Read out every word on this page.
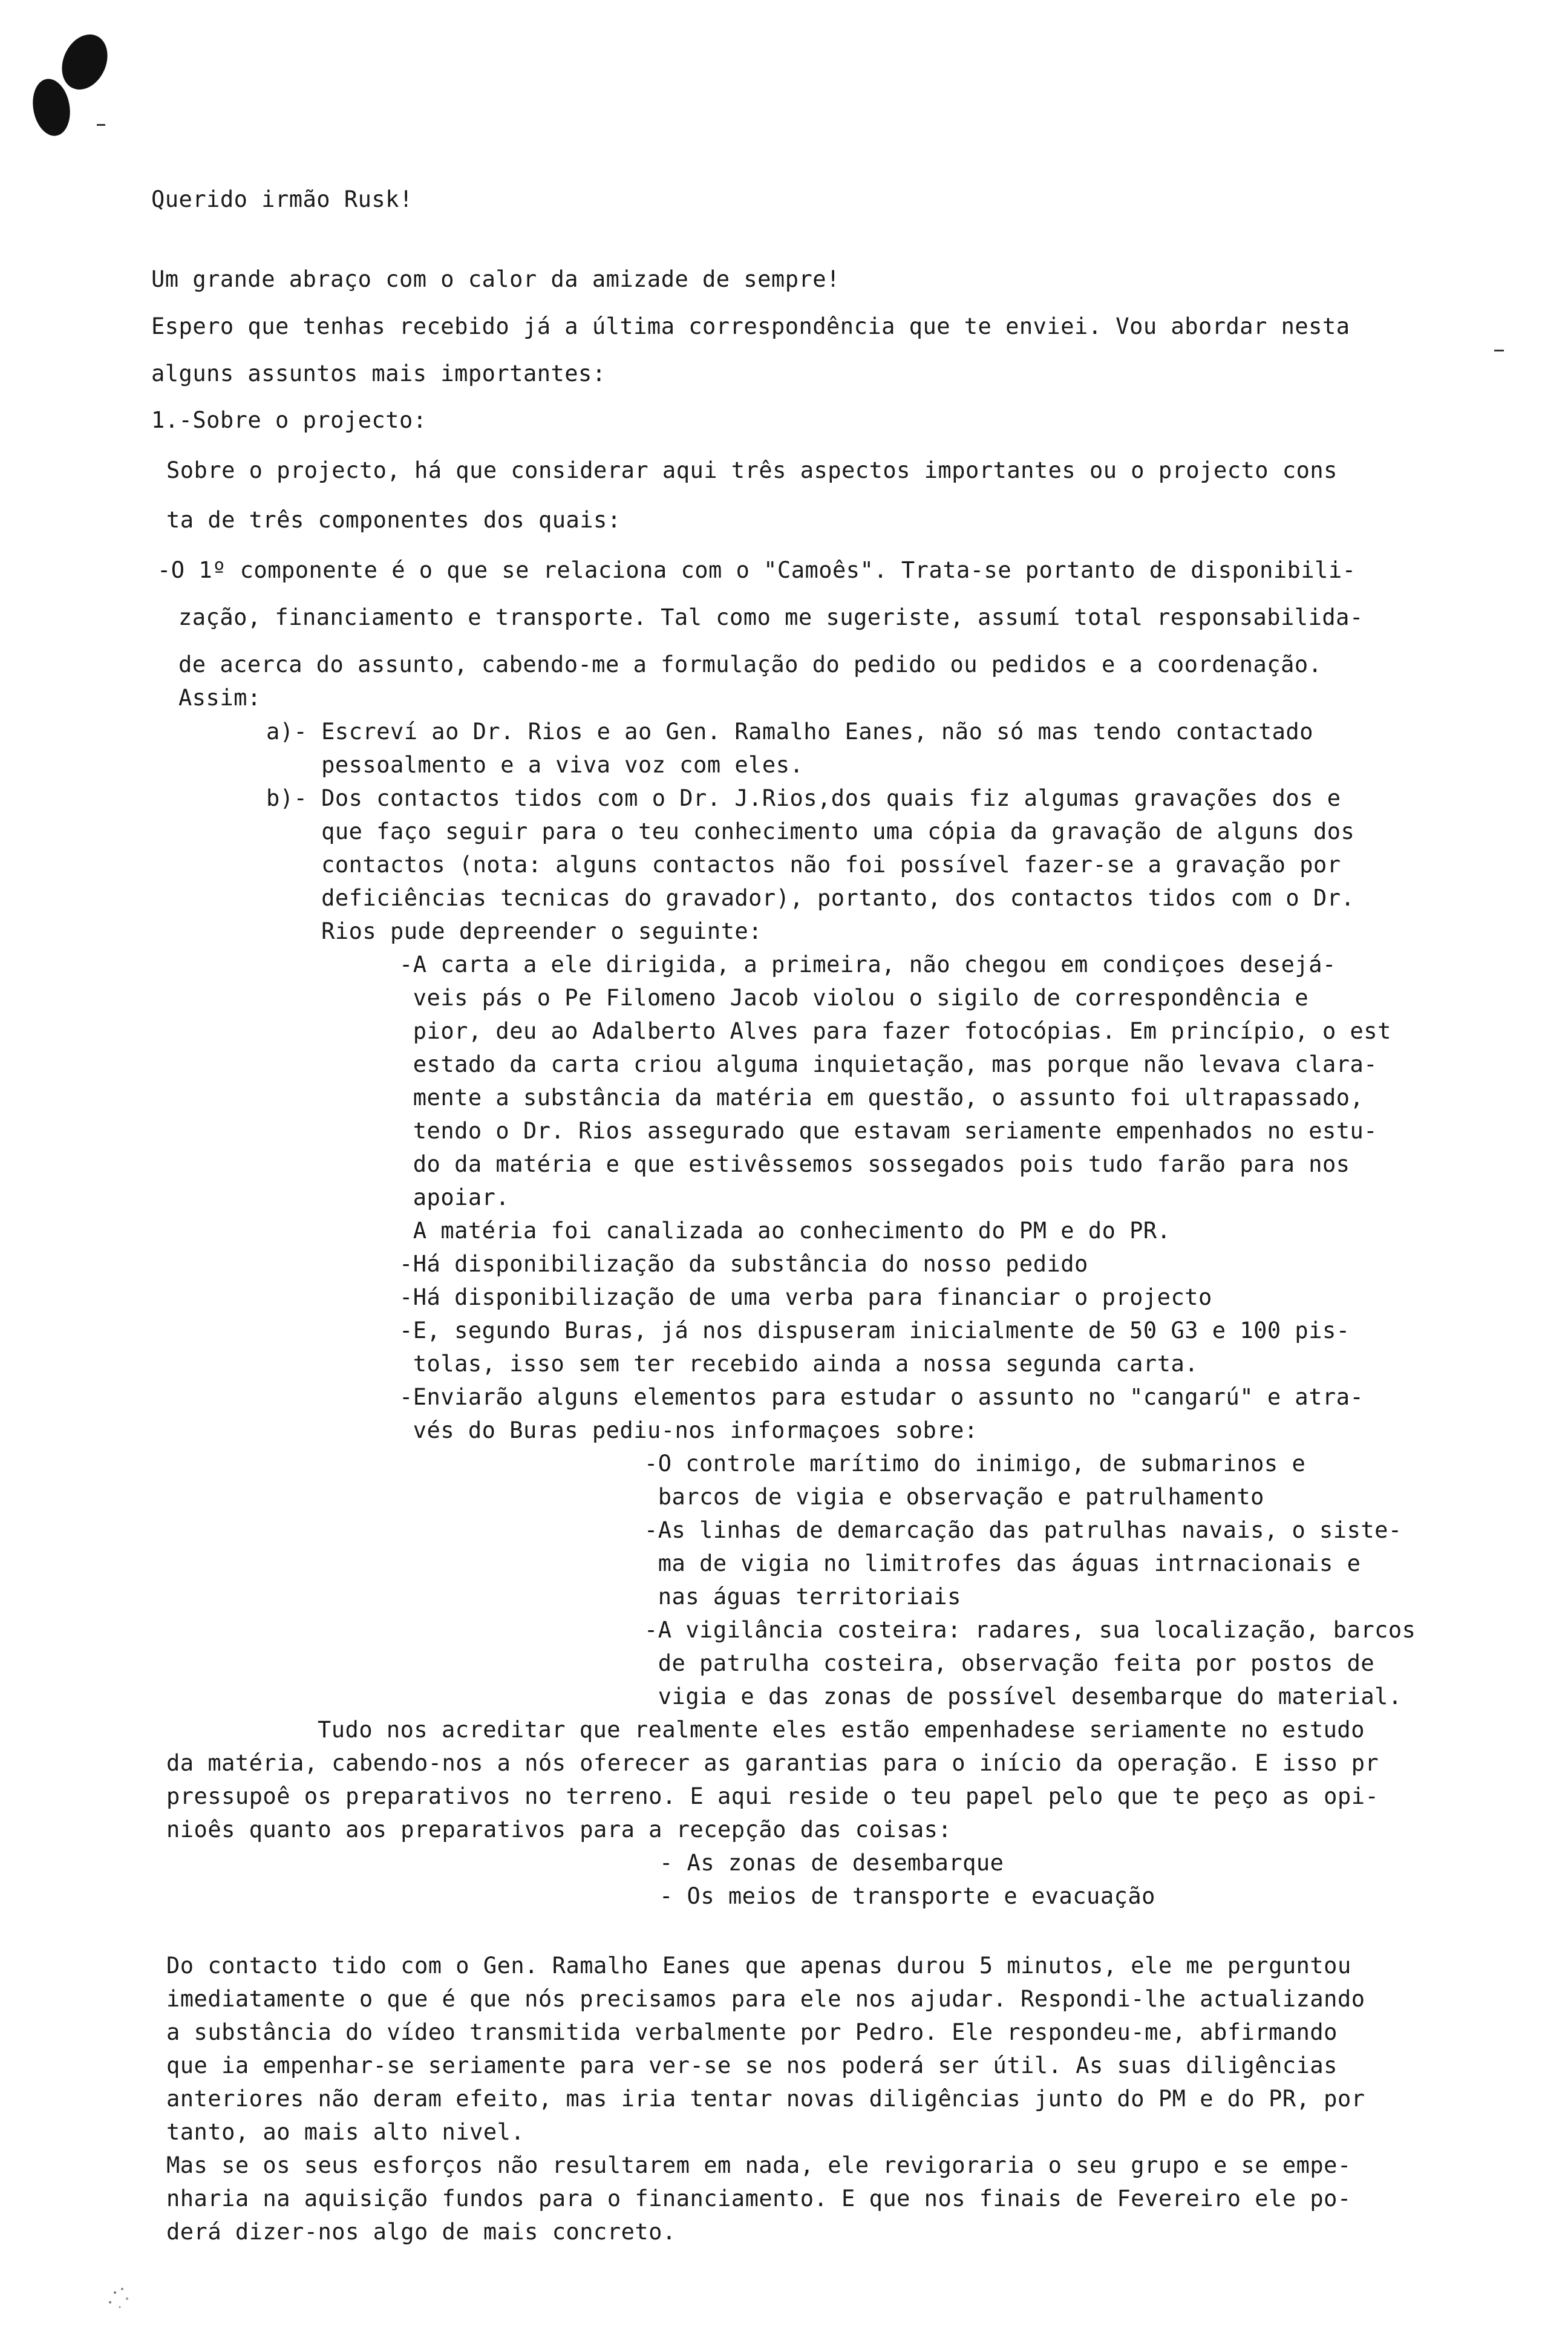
Querido irmão Rusk!
Um grande abraço com o calor da amizade de sempre!
Espero que tenhas recebido já a última correspondência que te enviei. Vou abordar nesta
alguns assuntos mais importantes:
1.-Sobre o projecto:
Sobre o projecto, há que considerar aqui três aspectos importantes ou o projecto cons
ta de três componentes dos quais:
-O 1º componente é o que se relaciona com o "Camoês". Trata-se portanto de disponibili-
zação, financiamento e transporte. Tal como me sugeriste, assumí total responsabilida-
de acerca do assunto, cabendo-me a formulação do pedido ou pedidos e a coordenação.
Assim:
a)- Escreví ao Dr. Rios e ao Gen. Ramalho Eanes, não só mas tendo contactado
pessoalmento e a viva voz com eles.
b)- Dos contactos tidos com o Dr. J.Rios,dos quais fiz algumas gravações dos e
que faço seguir para o teu conhecimento uma cópia da gravação de alguns dos
contactos (nota: alguns contactos não foi possível fazer-se a gravação por
deficiências tecnicas do gravador), portanto, dos contactos tidos com o Dr.
Rios pude depreender o seguinte:
-A carta a ele dirigida, a primeira, não chegou em condiçoes desejá-
veis pás o Pe Filomeno Jacob violou o sigilo de correspondência e
pior, deu ao Adalberto Alves para fazer fotocópias. Em princípio, o est
estado da carta criou alguma inquietação, mas porque não levava clara-
mente a substância da matéria em questão, o assunto foi ultrapassado,
tendo o Dr. Rios assegurado que estavam seriamente empenhados no estu-
do da matéria e que estivêssemos sossegados pois tudo farão para nos
apoiar.
A matéria foi canalizada ao conhecimento do PM e do PR.
-Há disponibilização da substância do nosso pedido
-Há disponibilização de uma verba para financiar o projecto
-E, segundo Buras, já nos dispuseram inicialmente de 50 G3 e 100 pis-
tolas, isso sem ter recebido ainda a nossa segunda carta.
-Enviarão alguns elementos para estudar o assunto no "cangarú" e atra-
vés do Buras pediu-nos informaçoes sobre:
-O controle marítimo do inimigo, de submarinos e
barcos de vigia e observação e patrulhamento
-As linhas de demarcação das patrulhas navais, o siste-
ma de vigia no limitrofes das águas intrnacionais e
nas águas territoriais
-A vigilância costeira: radares, sua localização, barcos
de patrulha costeira, observação feita por postos de
vigia e das zonas de possível desembarque do material.
Tudo nos acreditar que realmente eles estão empenhadese seriamente no estudo
da matéria, cabendo-nos a nós oferecer as garantias para o início da operação. E isso pr
pressupoê os preparativos no terreno. E aqui reside o teu papel pelo que te peço as opi-
nioês quanto aos preparativos para a recepção das coisas:
- As zonas de desembarque
- Os meios de transporte e evacuação
Do contacto tido com o Gen. Ramalho Eanes que apenas durou 5 minutos, ele me perguntou
imediatamente o que é que nós precisamos para ele nos ajudar. Respondi-lhe actualizando
a substância do vídeo transmitida verbalmente por Pedro. Ele respondeu-me, abfirmando
que ia empenhar-se seriamente para ver-se se nos poderá ser útil. As suas diligências
anteriores não deram efeito, mas iria tentar novas diligências junto do PM e do PR, por
tanto, ao mais alto nivel.
Mas se os seus esforços não resultarem em nada, ele revigoraria o seu grupo e se empe-
nharia na aquisição fundos para o financiamento. E que nos finais de Fevereiro ele po-
derá dizer-nos algo de mais concreto.
